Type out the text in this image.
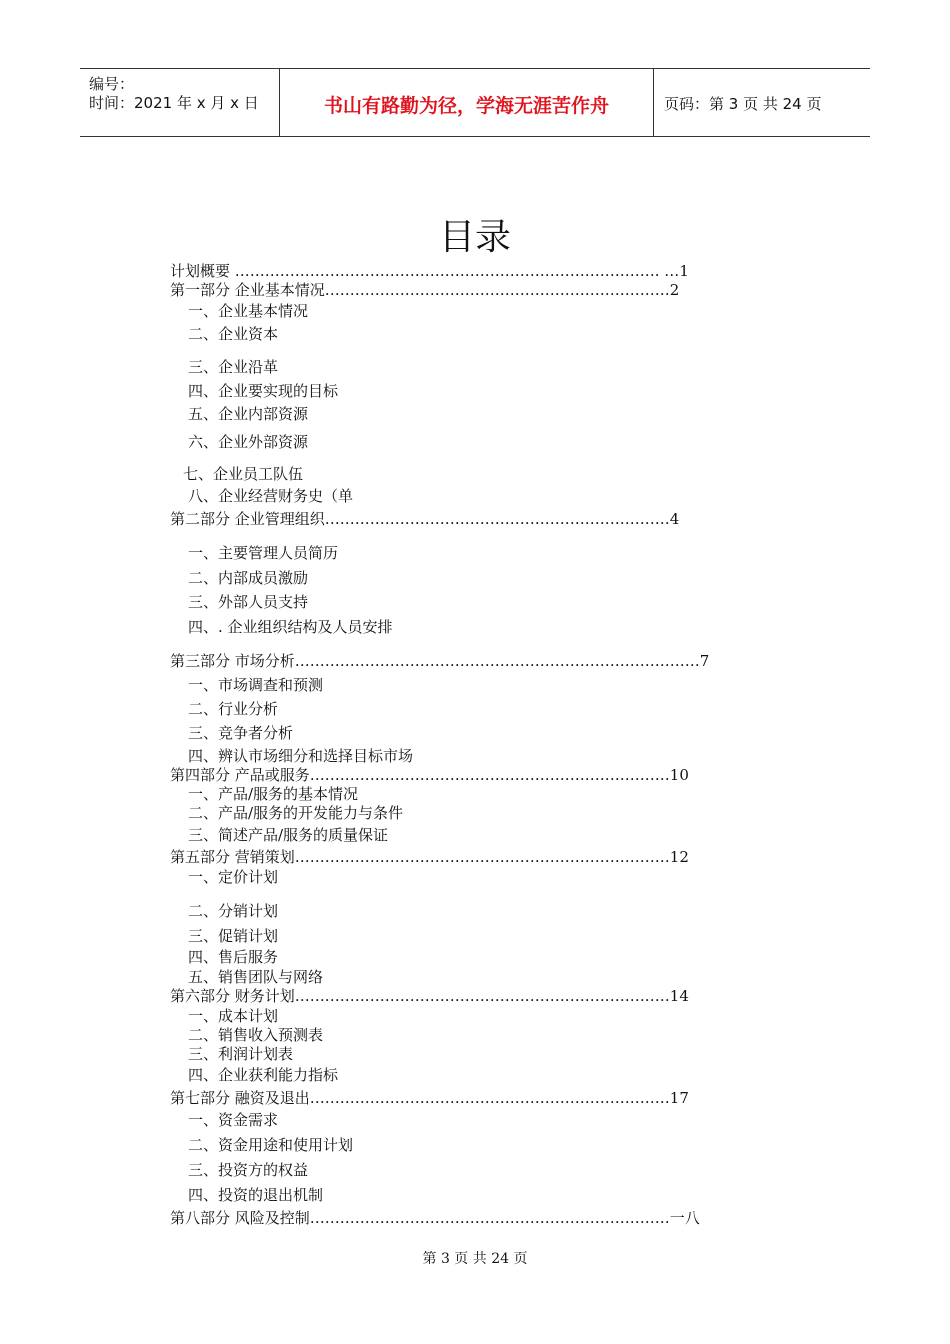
编号：
时间：2021 年 x 月 x 日	书山有路勤为径，学海无涯苦作舟	页码：第 3 页 共 24 页
目录
计划概要 …………………………………………………………………………. …1
第一部分 企业基本情况……………………………………………………………2
一、企业基本情况
二、企业资本
三、企业沿革
四、企业要实现的目标
五、企业内部资源
六、企业外部资源
七、企业员工队伍
八、企业经营财务史（单
第二部分 企业管理组织……………………………………………………………4
一、主要管理人员简历
二、内部成员激励
三、外部人员支持
四、. 企业组织结构及人员安排
第三部分 市场分析………………………………………………………………………7
一、市场调查和预测
二、行业分析
三、竞争者分析
四、辨认市场细分和选择目标市场
第四部分 产品或服务………………………………………………………………10
一、产品/服务的基本情况
二、产品/服务的开发能力与条件
三、简述产品/服务的质量保证
第五部分 营销策划…………………………………………………………………12
一、定价计划
二、分销计划
三、促销计划
四、售后服务
五、销售团队与网络
第六部分 财务计划…………………………………………………………………14
一、成本计划
二、销售收入预测表
三、利润计划表
四、企业获利能力指标
第七部分 融资及退出………………………………………………………………17
一、资金需求
二、资金用途和使用计划
三、投资方的权益
四、投资的退出机制
第八部分 风险及控制………………………………………………………………一八
第 3 页 共 24 页
